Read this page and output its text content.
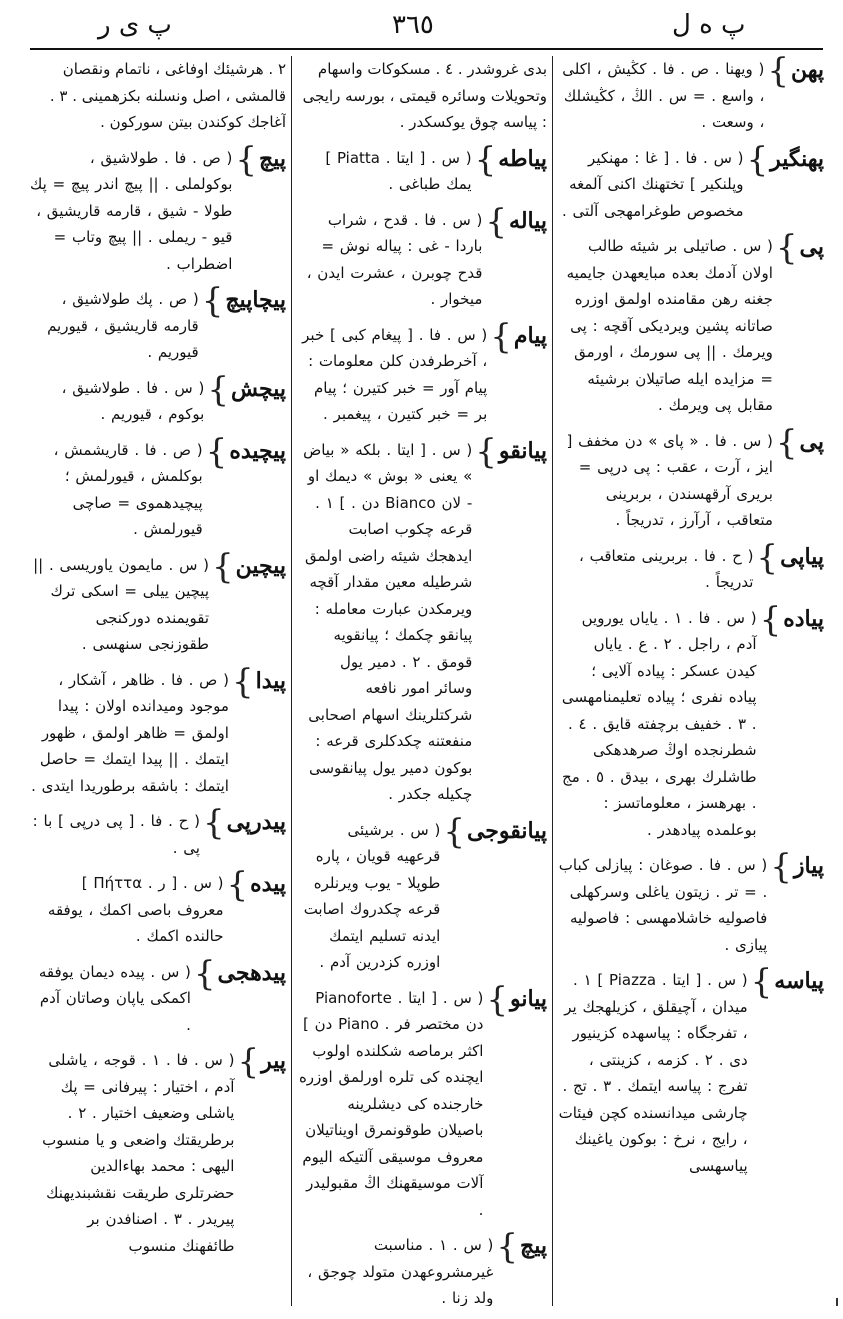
پ ى ر	٣٦٥	پ ه ل
پهن
}
( ويهنا . ص . فا . كڭيش ، اكلى ، واسع . = س . الڭ ، كڭيشلك ، وسعت .
پهنگير
}
( س . فا . [ غا : مهنكير وپلنكير ] تختهنك اكنى آلمغه مخصوص طوغرامهجى آلتى .
پى
}
( س . صاتيلى بر شيئه طالب اولان آدمك بعده مبايعهدن جايميه جغنه رهن مقامنده اولمق اوزره صاتانه پشين ويرديكى آقچه : پى ويرمك . || پى سورمك ، اورمق = مزايده ايله صاتيلان برشيئه مقابل پى ويرمك .
پى
}
( س . فا . « پاى » دن مخفف [ ايز ، آرت ، عقب : پى درپى = بريرى آرقهسندن ، بربرينى متعاقب ، آرآرز ، تدريجاً .
پياپى
}
( ح . فا . بربرينى متعاقب ، تدريجاً .
پياده
}
( س . فا . ١ . ياياں يورويں آدم ، راجل . ٢ . ع . ياياں كيدن عسكر : پياده آلايى ؛ پياده نفرى ؛ پياده تعليمنامهسى . ٣ . خفيف برچفته قايق . ٤ . شطرنجده اوڭ صرهدهكى طاشلرك بهرى ، بيدق . ٥ . مج . بهرهسز ، معلوماتسز : بوعلمده پيادهدر .
پياز
}
( س . فا . صوغان : پيازلى كباب . = تر . زيتون ياغلى وسركهلى فاصوليه خاشلامهسى : فاصوليه پيازى .
پياسه
}
( س . [ ايتا . Piazza ] ١ . ميدان ، آچيقلق ، كزيلهجك ير ، تفرجگاه : پياسهده كزينيور دى . ٢ . كزمه ، كزينتى ، تفرج : پياسه ايتمك . ٣ . تج . چارشى ميدانسنده كچن فيئات ، رايج ، نرخ : بوكون ياغينك پياسهسى
بدى غروشدر . ٤ . مسكوكات واسهام وتحويلات وسائره قيمتى ، بورسه رايجى : پياسه چوق يوكسكدر .
پياطه
}
( س . [ ايتا . Piatta ] يمك طباغى .
پياله
}
( س . فا . قدح ، شراب باردا - غى : پياله نوش = قدح چوبرن ، عشرت ايدن ، ميخوار .
پيام
}
( س . فا . [ پيغام كبى ] خبر ، آخرطرفدن كلن معلومات : پيام آور = خبر كتيرن ؛ پيام بر = خبر كتيرن ، پيغمبر .
پيانقو
}
( س . [ ايتا . بلكه « بياض » يعنى « بوش » ديمك او - لان Bianco دن . ] ١ . قرعه چكوب اصابت ايدهجك شيئه راضى اولمق شرطيله معين مقدار آقچه ويرمكدن عبارت معامله : پيانقو چكمك ؛ پيانقويه قومق . ٢ . دمير يول وسائر امور نافعه شركتلرينك اسهام اصحابى منفعتنه چكدكلرى قرعه : بوكون دمير يول پيانقوسى چكيله جكدر .
پيانقوجى
}
( س . برشيئى قرعهيه قويان ، پاره طوپلا - يوب ويرنلره قرعه چكدروك اصابت ايدنه تسليم ايتمك اوزره كزدرين آدم .
پيانو
}
( س . [ ايتا . Pianoforte دن مختصر فر . Piano دن ] اكثر برماصه شكلنده اولوب ايچنده كى تلره اورلمق اوزره خارجنده كى ديشلرينه باصيلان طوقونمرق اويناتيلان معروف موسيقى آلتيكه اليوم آلات موسيقهنك اڭ مقبوليدر .
پيچ
}
( س . ١ . مناسبت غيرمشروعهدن متولد چوجق ، ولد زنا .
٢ . هرشيئك اوفاغى ، ناتمام ونقصان قالمشى ، اصل ونسلنه بكزهمينى . ٣ . آغاجك كوكندن بيتن سوركون .
پيچ
}
( ص . فا . طولاشيق ، بوكولملى . || پيچ اندر پيچ = پك طولا - شيق ، قارمه قاريشيق ، قيو - ريملى . || پيچ وتاب = اضطراب .
پيچاپيچ
}
( ص . پك طولاشيق ، قارمه قاريشيق ، قيوريم قيوريم .
پيچش
}
( س . فا . طولاشيق ، بوكوم ، قيوريم .
پيچيده
}
( ص . فا . قاريشمش ، بوكلمش ، قيورلمش ؛ پيچيدهموى = صاچى قيورلمش .
پيچين
}
( س . مايمون ياوريسى . || پيچين ييلى = اسكى ترك تقويمنده دوركنجى طقوزنجى سنهسى .
پيدا
}
( ص . فا . ظاهر ، آشكار ، موجود وميدانده اولان : پيدا اولمق = ظاهر اولمق ، ظهور ايتمك . || پيدا ايتمك = حاصل ايتمك : باشقه برطوريدا ايتدى .
پيدرپى
}
( ح . فا . [ پى درپى ] با : پى .
پيده
}
( س . [ ر . Πήττα ] معروف باصى اكمك ، يوفقه حالنده اكمك .
پيدهجى
}
( س . پيده ديمان يوفقه اكمكى ياپان وصاتان آدم .
پير
}
( س . فا . ١ . قوجه ، ياشلى آدم ، اختيار : پيرفانى = پك ياشلى وضعيف اختيار . ٢ . برطريقتك واضعى و يا منسوب اليهى : محمد بهاءالدين حضرتلرى طريقت نقشبنديهنك پيريدر . ٣ . اصنافدن بر طائفهنك منسوب
